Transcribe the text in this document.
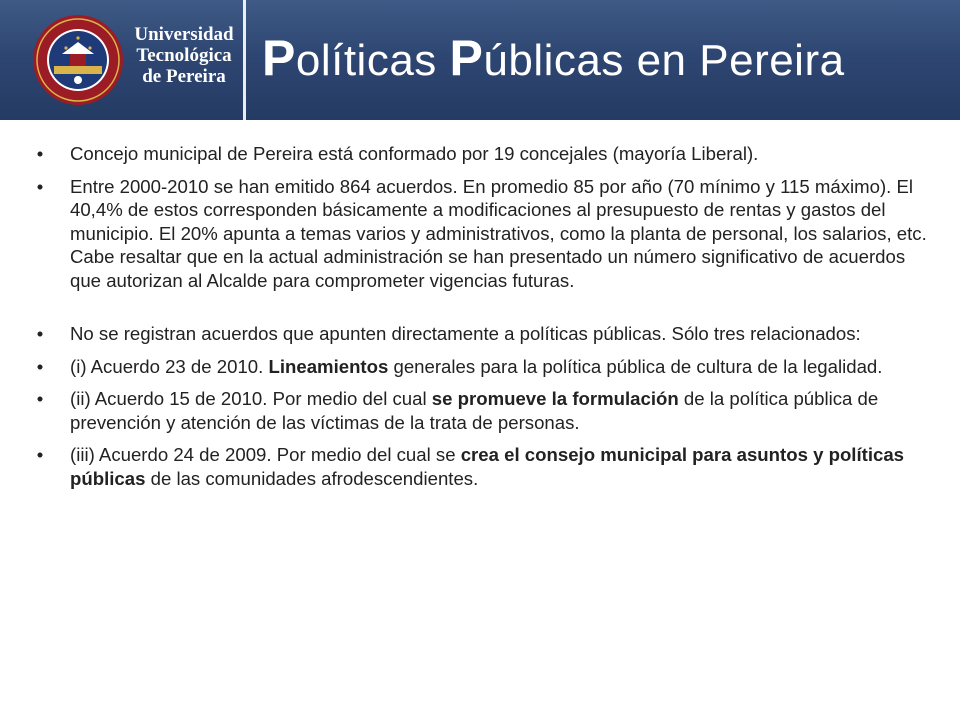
Universidad
Tecnológica
de Pereira Políticas Públicas en Pereira
•	Concejo municipal de Pereira está conformado por 19 concejales (mayoría Liberal).
•	Entre 2000-2010 se han emitido 864 acuerdos. En promedio 85 por año (70 mínimo y 115 máximo). El 40,4% de estos corresponden básicamente a modificaciones al presupuesto de rentas y gastos del municipio. El 20% apunta a temas varios y administrativos, como la planta de personal, los salarios, etc. Cabe resaltar que en la actual administración se han presentado un número significativo de acuerdos que autorizan al Alcalde para comprometer vigencias futuras.
•	No se registran acuerdos que apunten directamente a políticas públicas. Sólo tres relacionados:
•	(i) Acuerdo 23 de 2010. Lineamientos generales para la política pública de cultura de la legalidad.
•	(ii) Acuerdo 15 de 2010. Por medio del cual se promueve la formulación de la política pública de prevención y atención de las víctimas de la trata de personas.
•	(iii) Acuerdo 24 de 2009. Por medio del cual se crea el consejo municipal para asuntos y políticas públicas de las comunidades afrodescendientes.
